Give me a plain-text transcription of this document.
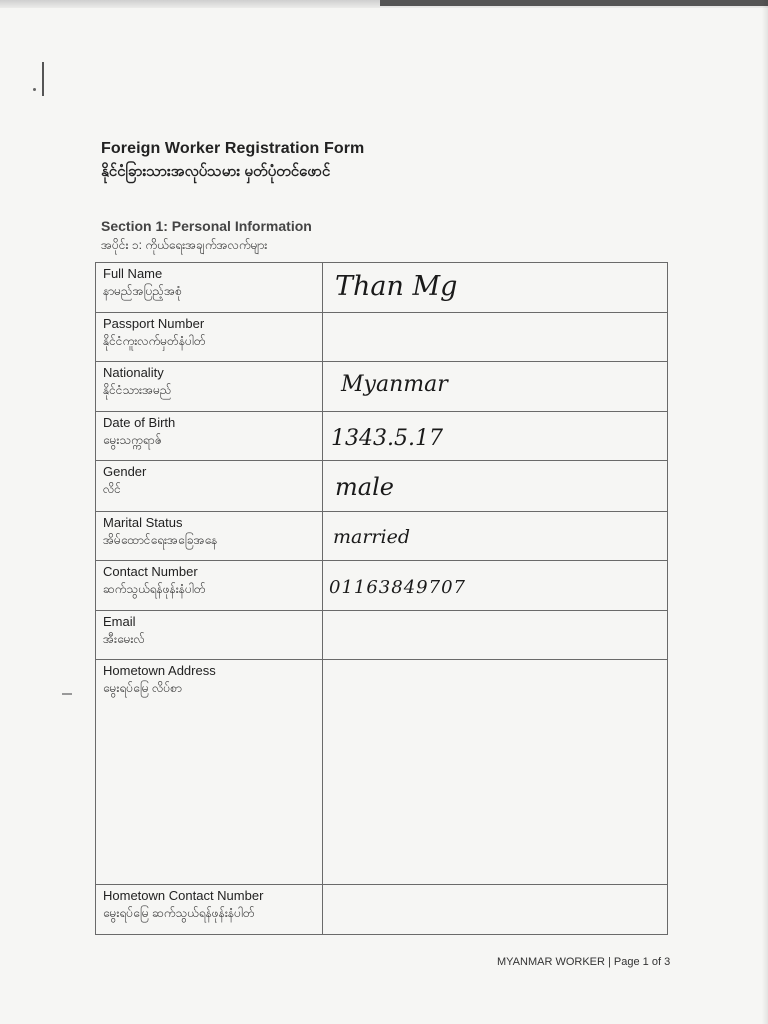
Foreign Worker Registration Form
နိုင်ငံခြားသားအလုပ်သမား မှတ်ပုံတင်ဖောင်
Section 1: Personal Information
အပိုင်း ၁: ကိုယ်ရေးအချက်အလက်များ
Full Name
နာမည်အပြည့်အစုံ	Than Mg

Passport Number
နိုင်ငံကူးလက်မှတ်နံပါတ်	

Nationality
နိုင်ငံသားအမည်	Myanmar

Date of Birth
မွေးသက္ကရာဇ်	1343.5.17

Gender
လိင်	male

Marital Status
အိမ်ထောင်ရေးအခြေအနေ	married

Contact Number
ဆက်သွယ်ရန်ဖုန်းနံပါတ်	01163849707

Email
အီးမေးလ်	

Hometown Address
မွေးရပ်မြေ လိပ်စာ	

Hometown Contact Number
မွေးရပ်မြေ ဆက်သွယ်ရန်ဖုန်းနံပါတ်	

MYANMAR WORKER | Page 1 of 3
